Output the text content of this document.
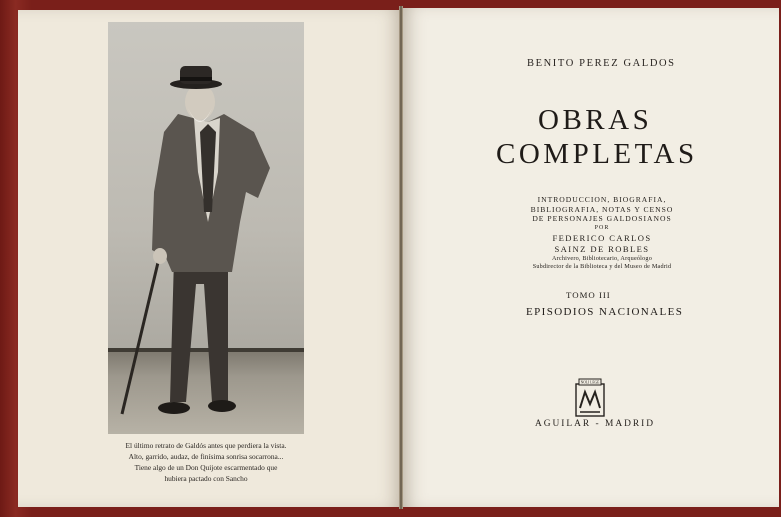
El último retrato de Galdós antes que perdiera la vista.
Alto, garrido, audaz, de finísima sonrisa socarrona...
Tiene algo de un Don Quijote escarmentado que
hubiera pactado con Sancho
BENITO PEREZ GALDOS
OBRAS
COMPLETAS
INTRODUCCION, BIOGRAFIA,
BIBLIOGRAFIA, NOTAS Y CENSO
DE PERSONAJES GALDOSIANOS
POR
FEDERICO CARLOS
SAINZ DE ROBLES
Archivero, Bibliotecario, Arqueólogo
Subdirector de la Biblioteca y del Museo de Madrid
TOMO III
EPISODIOS NACIONALES
NOLI LEGE
AGUILAR - MADRID
